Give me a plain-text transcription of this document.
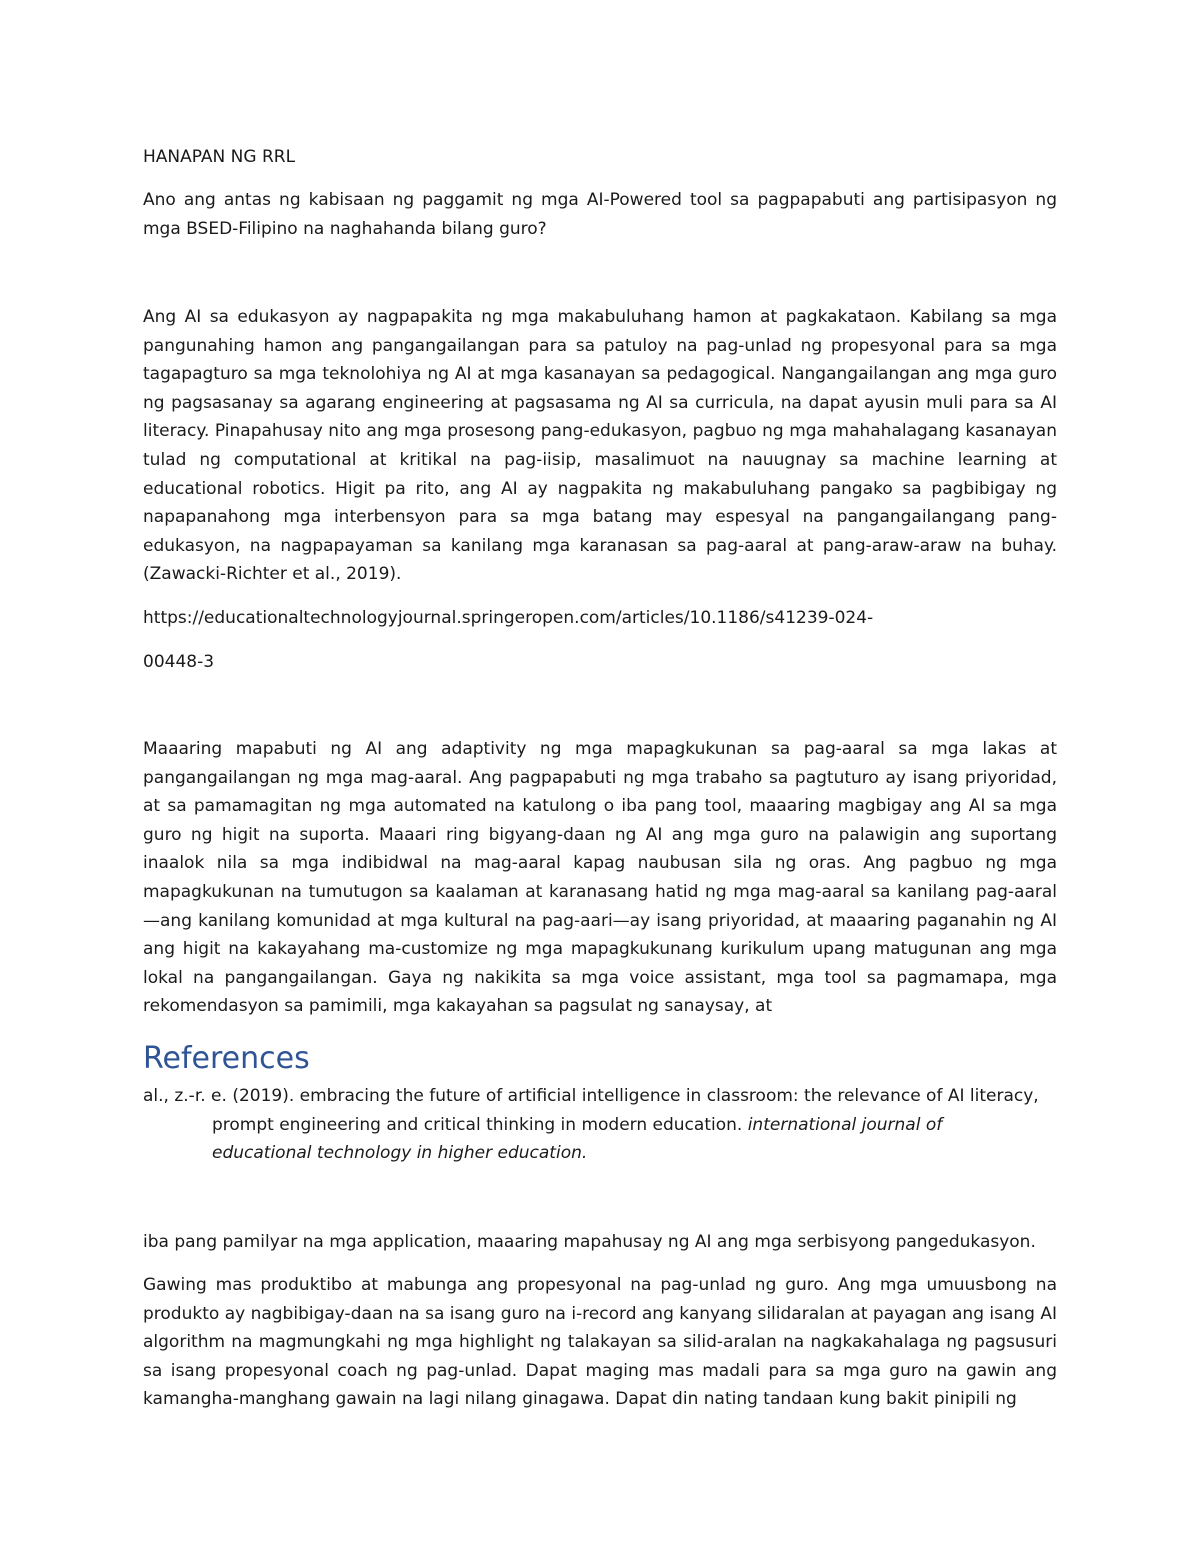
HANAPAN NG RRL

Ano ang antas ng kabisaan ng paggamit ng mga AI-Powered tool sa pagpapabuti ang partisipasyon ng mga BSED-Filipino na naghahanda bilang guro?

Ang AI sa edukasyon ay nagpapakita ng mga makabuluhang hamon at pagkakataon. Kabilang sa mga pangunahing hamon ang pangangailangan para sa patuloy na pag-unlad ng propesyonal para sa mga tagapagturo sa mga teknolohiya ng AI at mga kasanayan sa pedagogical. Nangangailangan ang mga guro ng pagsasanay sa agarang engineering at pagsasama ng AI sa curricula, na dapat ayusin muli para sa AI literacy. Pinapahusay nito ang mga prosesong pang-edukasyon, pagbuo ng mga mahahalagang kasanayan tulad ng computational at kritikal na pag-iisip, masalimuot na nauugnay sa machine learning at educational robotics. Higit pa rito, ang AI ay nagpakita ng makabuluhang pangako sa pagbibigay ng napapanahong mga interbensyon para sa mga batang may espesyal na pangangailangang pang-edukasyon, na nagpapayaman sa kanilang mga karanasan sa pag-aaral at pang-araw-araw na buhay. (Zawacki-Richter et al., 2019).

https://educationaltechnologyjournal.springeropen.com/articles/10.1186/s41239-024-

00448-3

Maaaring mapabuti ng AI ang adaptivity ng mga mapagkukunan sa pag-aaral sa mga lakas at pangangailangan ng mga mag-aaral. Ang pagpapabuti ng mga trabaho sa pagtuturo ay isang priyoridad, at sa pamamagitan ng mga automated na katulong o iba pang tool, maaaring magbigay ang AI sa mga guro ng higit na suporta. Maaari ring bigyang-daan ng AI ang mga guro na palawigin ang suportang inaalok nila sa mga indibidwal na mag-aaral kapag naubusan sila ng oras. Ang pagbuo ng mga mapagkukunan na tumutugon sa kaalaman at karanasang hatid ng mga mag-aaral sa kanilang pag-aaral —ang kanilang komunidad at mga kultural na pag-aari—ay isang priyoridad, at maaaring paganahin ng AI ang higit na kakayahang ma-customize ng mga mapagkukunang kurikulum upang matugunan ang mga lokal na pangangailangan. Gaya ng nakikita sa mga voice assistant, mga tool sa pagmamapa, mga rekomendasyon sa pamimili, mga kakayahan sa pagsulat ng sanaysay, at

References
al., z.-r. e. (2019). embracing the future of artificial intelligence in classroom: the relevance of AI literacy,
prompt engineering and critical thinking in modern education. international journal of
educational technology in higher education.

iba pang pamilyar na mga application, maaaring mapahusay ng AI ang mga serbisyong pangedukasyon.

Gawing mas produktibo at mabunga ang propesyonal na pag-unlad ng guro. Ang mga umuusbong na produkto ay nagbibigay-daan na sa isang guro na i-record ang kanyang silidaralan at payagan ang isang AI algorithm na magmungkahi ng mga highlight ng talakayan sa silid-aralan na nagkakahalaga ng pagsusuri sa isang propesyonal coach ng pag-unlad. Dapat maging mas madali para sa mga guro na gawin ang kamangha-manghang gawain na lagi nilang ginagawa. Dapat din nating tandaan kung bakit pinipili ng
